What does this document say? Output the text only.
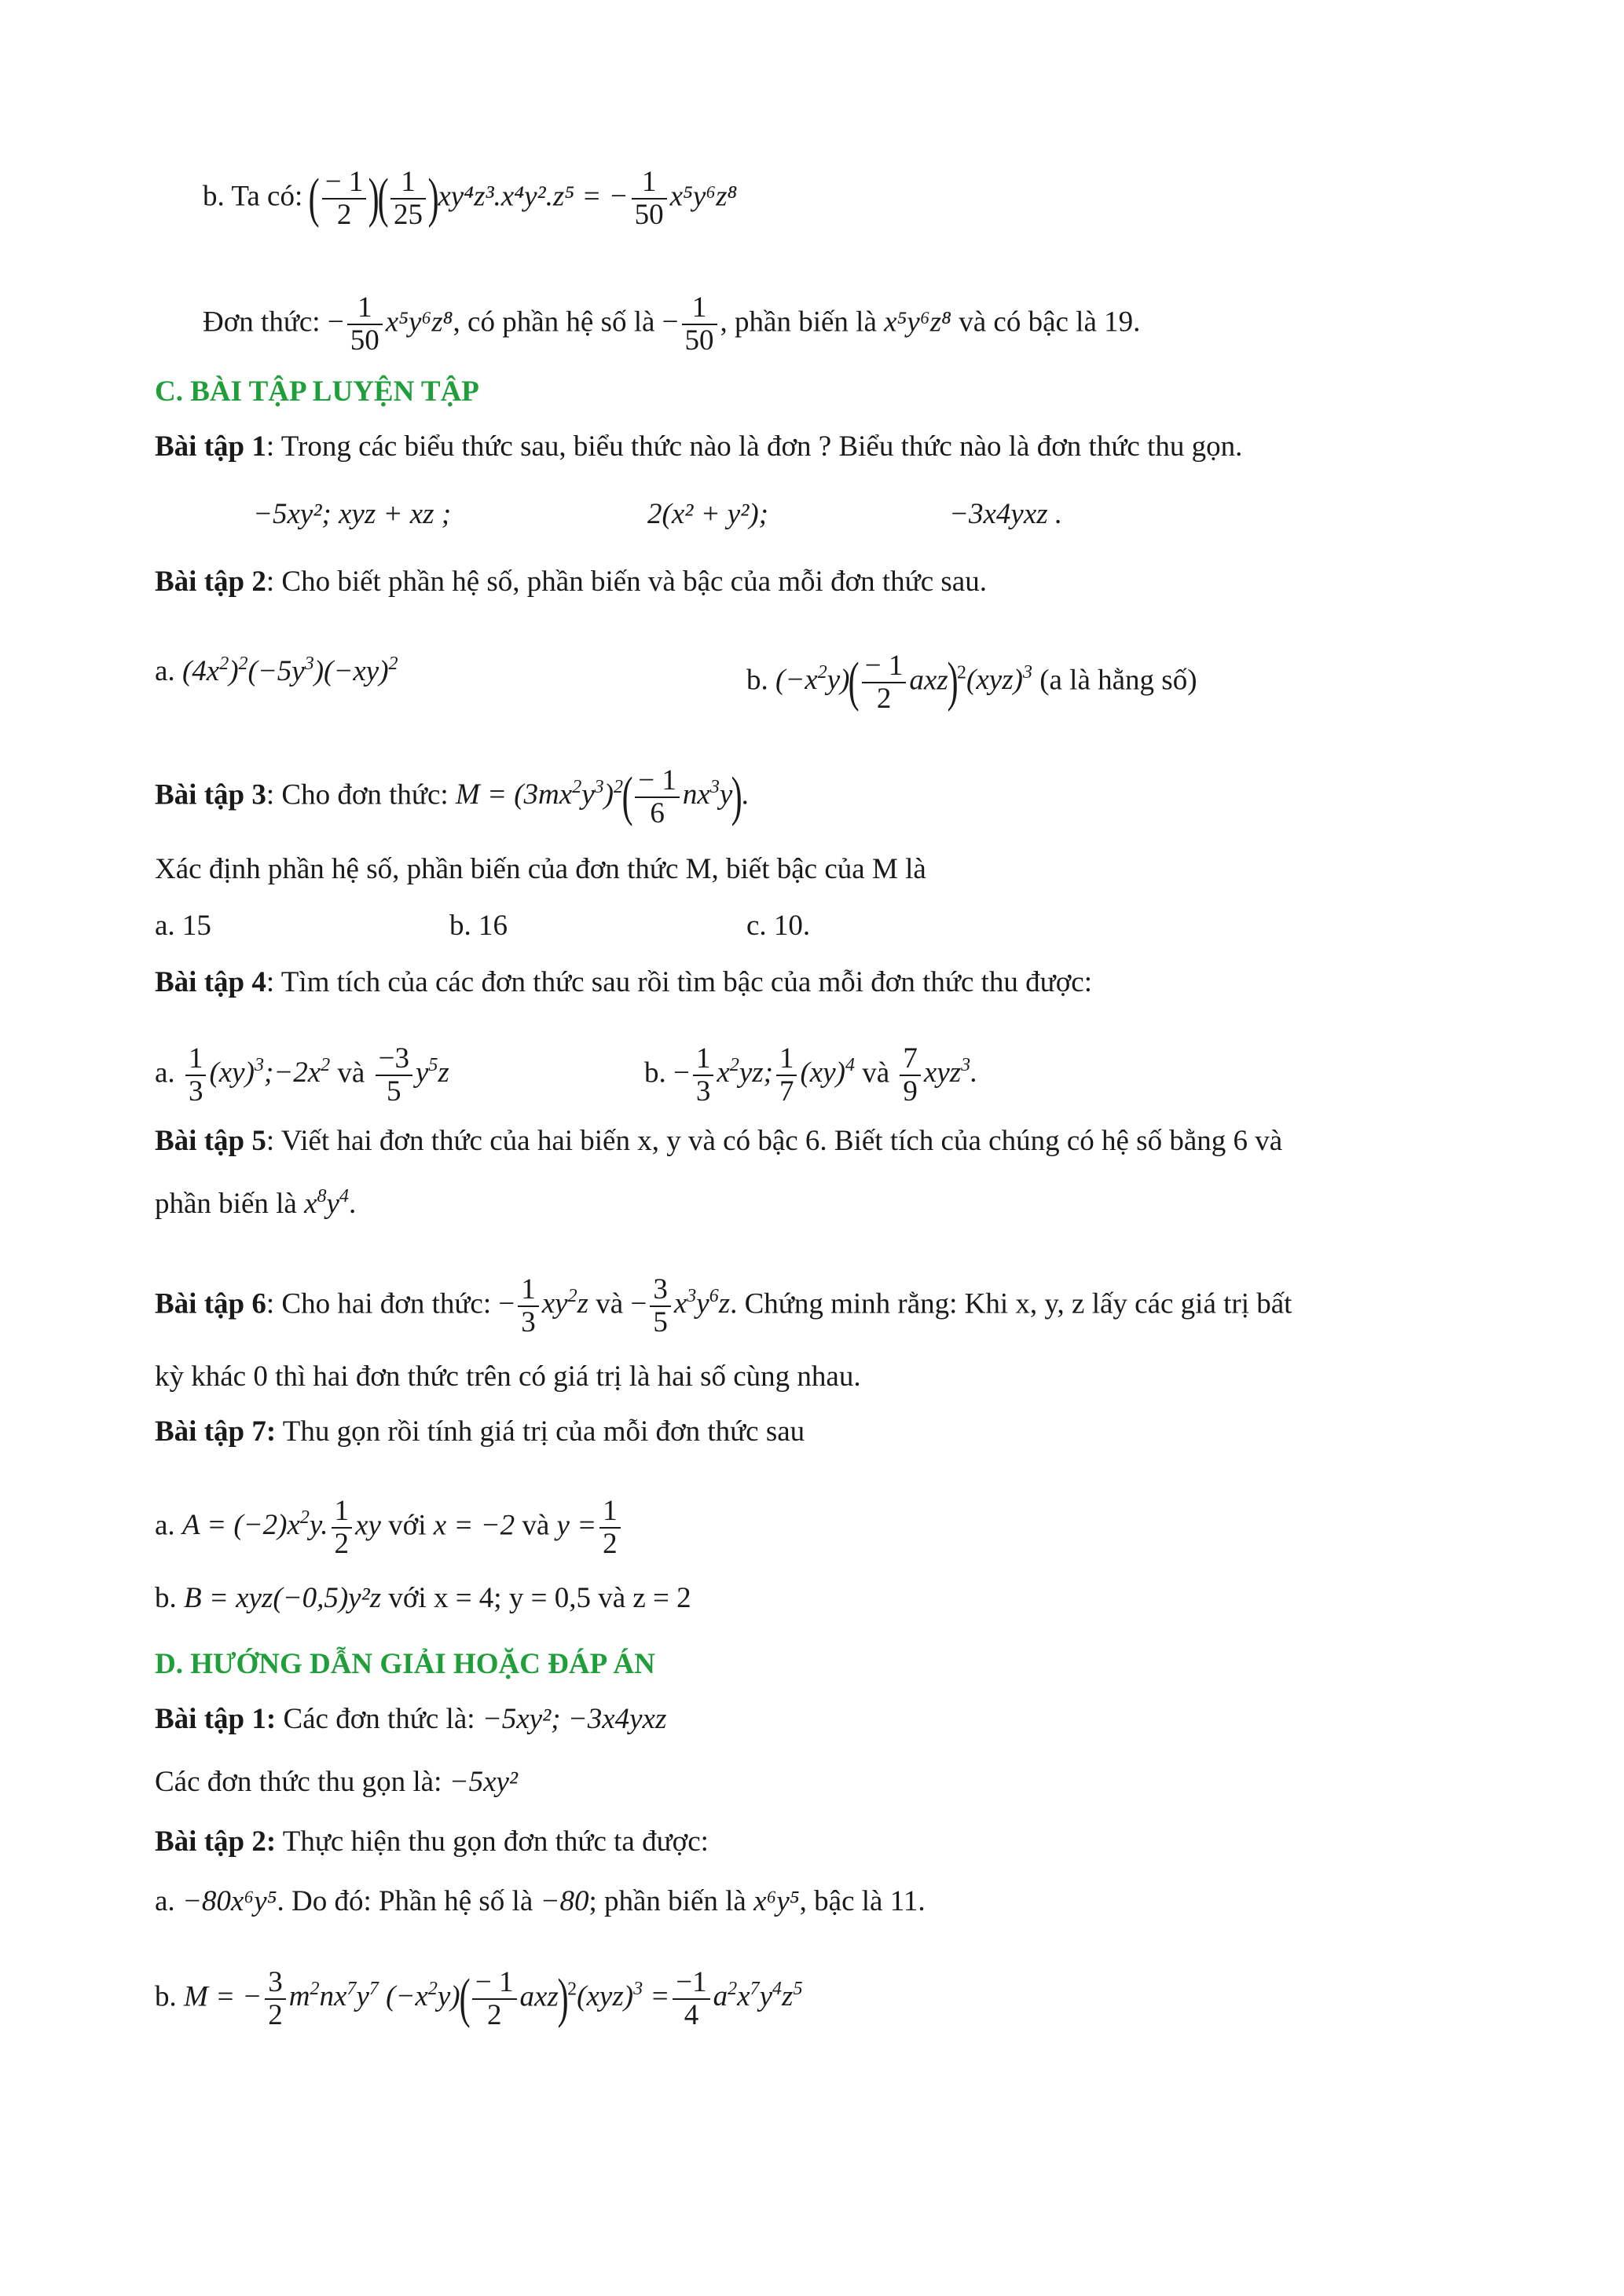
b. Ta có: ( $\frac{- 1}{2}$ )( $\frac{1}{25} )xy^4z^3.x^4y^2.z^5$ = − $\frac{1}{50} x^5y^6z^8$
Đơn thức: − $\frac{1}{50} x^5y^6z^8$, có phần hệ số là − $\frac{1}{50}$ , phần biến là x⁵y⁶z⁸ và có bậc là 19.
C. BÀI TẬP LUYỆN TẬP
Bài tập 1: Trong các biểu thức sau, biểu thức nào là đơn ? Biểu thức nào là đơn thức thu gọn.
−5xy²; xyz + xz ;	2(x² + y²);	−3x4yxz .
Bài tập 2: Cho biết phần hệ số, phần biến và bậc của mỗi đơn thức sau.
a. $(4x^2)^2(-5y^3)(-xy)^2$
b. $(-x^2y)( \frac{- 1}{2} axz)^2(xyz)^3$ (a là hằng số)
Bài tập 3: Cho đơn thức: $M = (3mx^2y^3)^2( \frac{- 1}{6} nx^3y)$.
Xác định phần hệ số, phần biến của đơn thức M, biết bậc của M là
a. 15	b. 16	c. 10.
Bài tập 4: Tìm tích của các đơn thức sau rồi tìm bậc của mỗi đơn thức thu được:
a. $\frac{1}{3}$ $(xy)^3;-2x^2$ và $\frac{-3}{5} y^5z$	b. − $\frac{1}{3} x^2yz$; $\frac{1}{7} (xy)^4$ và $\frac{7}{9} xyz^3$.
Bài tập 5: Viết hai đơn thức của hai biến x, y và có bậc 6. Biết tích của chúng có hệ số bằng 6 và
phần biến là $x^8y^4$.
Bài tập 6: Cho hai đơn thức: − $\frac{1}{3} xy^2z$ và − $\frac{3}{5} x^3y^6z$. Chứng minh rằng: Khi x, y, z lấy các giá trị bất
kỳ khác 0 thì hai đơn thức trên có giá trị là hai số cùng nhau.
Bài tập 7: Thu gọn rồi tính giá trị của mỗi đơn thức sau
a. $A = (-2)x^2y$. $\frac{1}{2}$ xy với x = −2 và $y = \frac{1}{2}$
b. B = xyz(−0,5)y²z với x = 4; y = 0,5 và z = 2
D. HƯỚNG DẪN GIẢI HOẶC ĐÁP ÁN
Bài tập 1: Các đơn thức là: −5xy²; −3x4yxz
Các đơn thức thu gọn là: −5xy²
Bài tập 2: Thực hiện thu gọn đơn thức ta được:
a. −80x⁶y⁵. Do đó: Phần hệ số là −80; phần biến là x⁶y⁵, bậc là 11.
b. M = − $\frac{3}{2} m^2nx^7y^7$ $(-x^2y)( \frac{- 1}{2} axz)^2(xyz)^3 = \frac{-1}{4} a^2x^7y^4z^5$
